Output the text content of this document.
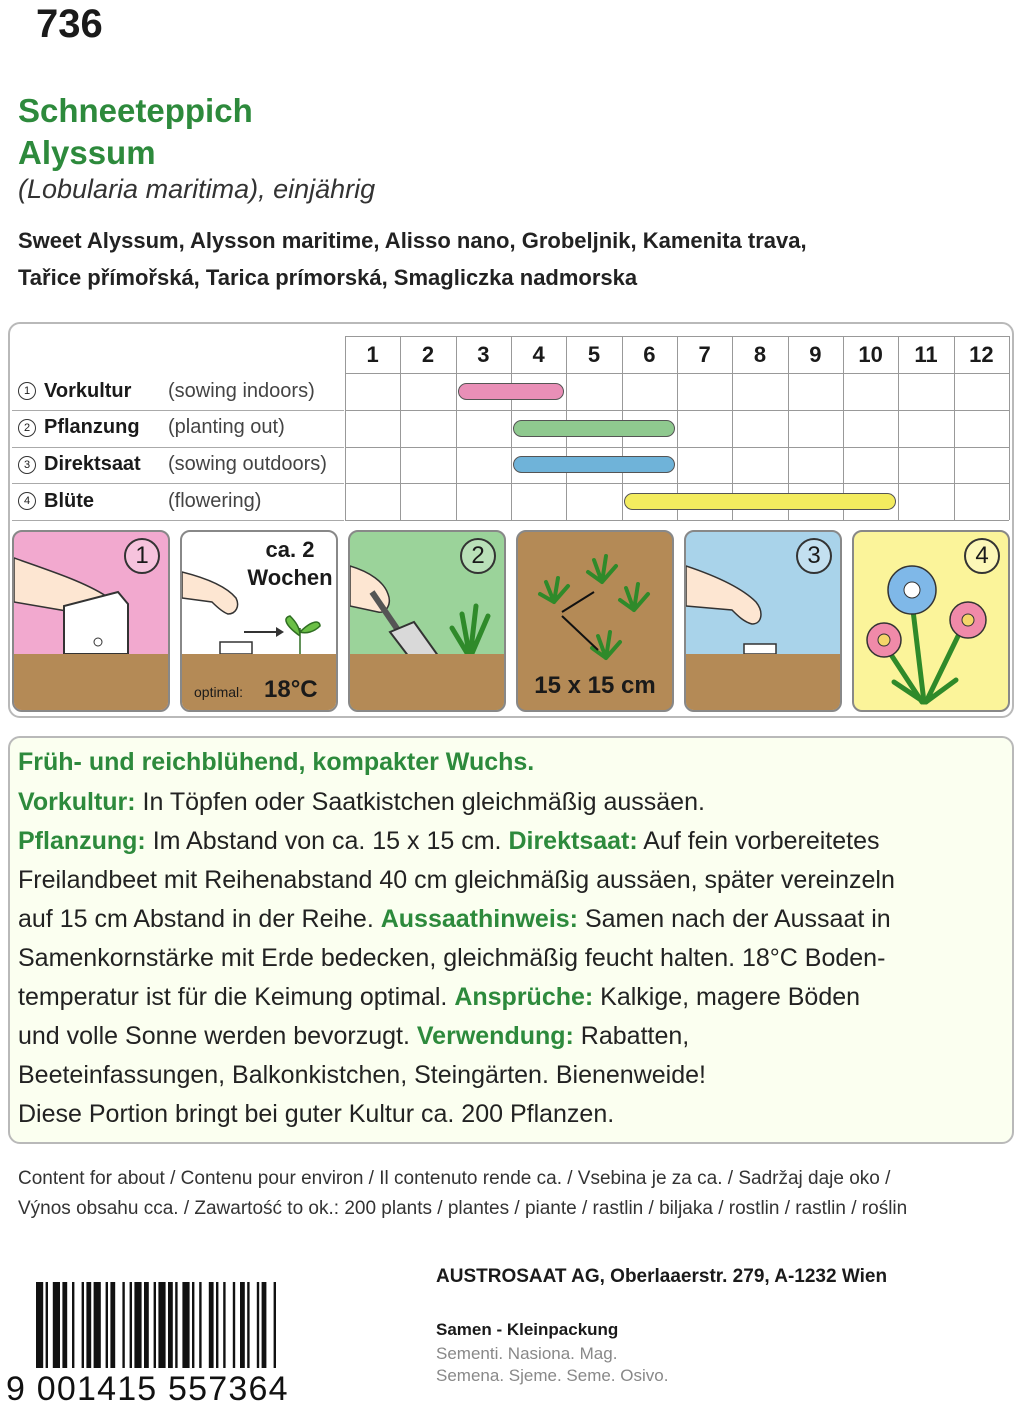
736
Schneeteppich
Alyssum
(Lobularia maritima), einjährig
Sweet Alyssum, Alysson maritime, Alisso nano, Grobeljnik, Kamenita trava,
Tařice přímořská, Tarica prímorská, Smagliczka nadmorska
1	2	3	4	5	6	7	8	9	10	11	12
1 Vorkultur	(sowing indoors)
2 Pflanzung	(planting out)
3 Direktsaat	(sowing outdoors)
4 Blüte	(flowering)
1	ca. 2
Wochen
optimal: 18°C
2
15 x 15 cm
3	4
Früh- und reichblühend, kompakter Wuchs.
Vorkultur: In Töpfen oder Saatkistchen gleichmäßig aussäen.
Pflanzung: Im Abstand von ca. 15 x 15 cm. Direktsaat: Auf fein vorbereitetes
Freilandbeet mit Reihenabstand 40 cm gleichmäßig aussäen, später vereinzeln
auf 15 cm Abstand in der Reihe. Aussaathinweis: Samen nach der Aussaat in
Samenkornstärke mit Erde bedecken, gleichmäßig feucht halten. 18°C Boden-
temperatur ist für die Keimung optimal. Ansprüche: Kalkige, magere Böden
und volle Sonne werden bevorzugt. Verwendung: Rabatten,
Beeteinfassungen, Balkonkistchen, Steingärten. Bienenweide!
Diese Portion bringt bei guter Kultur ca. 200 Pflanzen.
Content for about / Contenu pour environ / Il contenuto rende ca. / Vsebina je za ca. / Sadržaj daje oko /
Výnos obsahu cca. / Zawartość to ok.: 200 plants / plantes / piante / rastlin / biljaka / rostlin / rastlin / roślin
9 001415 557364
AUSTROSAAT AG, Oberlaaerstr. 279, A-1232 Wien
Samen - Kleinpackung
Sementi. Nasiona. Mag.
Semena. Sjeme. Seme. Osivo.
